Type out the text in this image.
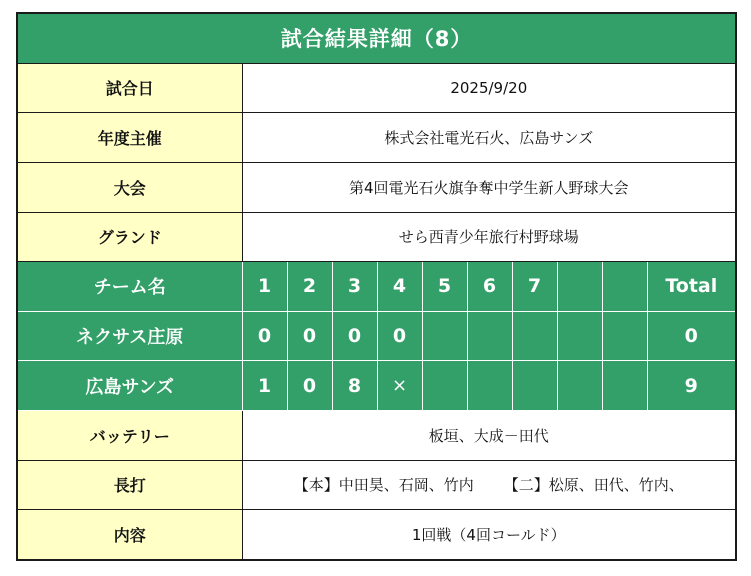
試合結果詳細（8）										
試合日	2025/9/20									
年度主催	株式会社電光石火、広島サンズ									
大会	第4回電光石火旗争奪中学生新人野球大会									
グランド	せら西青少年旅行村野球場									
チーム名	1	2	3	4	5	6	7			Total
ネクサス庄原	0	0	0	0						0
広島サンズ	1	0	8	×						9
バッテリー	板垣、大成－田代									
長打	【本】中田昊、石岡、竹内 【二】松原、田代、竹内、									

内容	1回戦（4回コールド）									
